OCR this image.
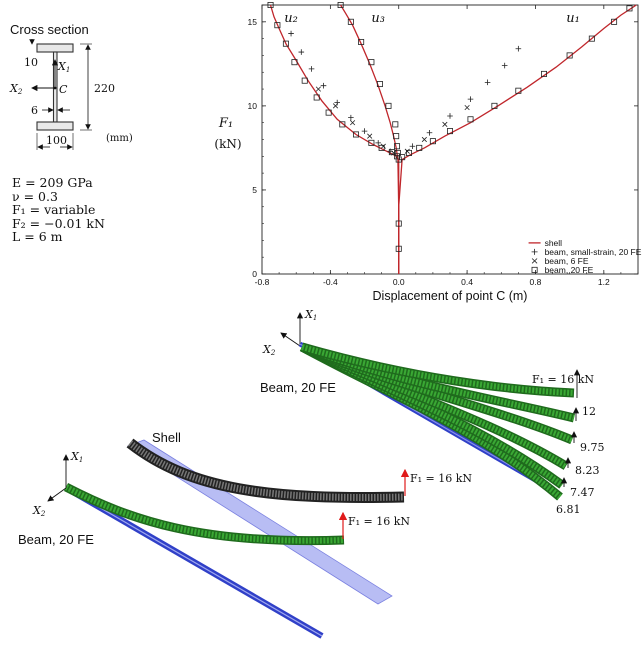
Cross section
10 X1
X2	C
6
220
100	(mm)
-0.8	-0.4	0.0	0.4	0.8	1.2
0
5
10
15
F₁
(kN)
Displacement of point C (m)
u₂	u₃	u₁
shell
beam, small-strain, 20 FE
beam, 6 FE
beam, 20 FE
X1
X2
F₁ = 16 kN
12
9.75
8.23
7.47
6.81
Beam, 20 FE
X1
X2
F₁ = 16 kN
F₁ = 16 kN
Shell
Beam, 20 FE
E = 209 GPa
ν = 0.3
F₁ = variable
F₂ = −0.01 kN
L = 6 m
